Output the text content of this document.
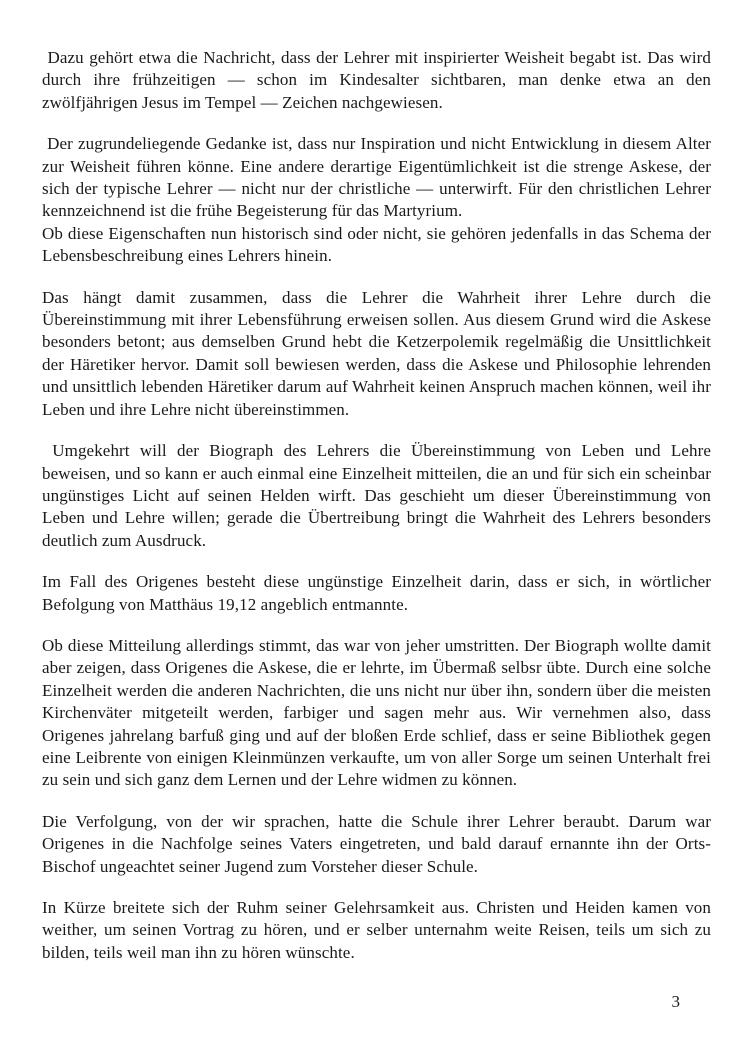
Dazu gehört etwa die Nachricht, dass der Lehrer mit inspirierter Weisheit begabt ist. Das wird durch ihre frühzeitigen — schon im Kindesalter sichtbaren, man denke etwa an den zwölfjährigen Jesus im Tempel — Zeichen nachgewiesen.

Der zugrundeliegende Gedanke ist, dass nur Inspiration und nicht Entwicklung in diesem Alter zur Weisheit führen könne. Eine andere derartige Eigentümlichkeit ist die strenge Askese, der sich der typische Lehrer — nicht nur der christliche — unterwirft. Für den christlichen Lehrer kennzeichnend ist die frühe Begeisterung für das Martyrium.

Ob diese Eigenschaften nun historisch sind oder nicht, sie gehören jedenfalls in das Schema der Lebensbeschreibung eines Lehrers hinein.

Das hängt damit zusammen, dass die Lehrer die Wahrheit ihrer Lehre durch die Übereinstimmung mit ihrer Lebensführung erweisen sollen. Aus diesem Grund wird die Askese besonders betont; aus demselben Grund hebt die Ketzerpolemik regelmäßig die Unsittlichkeit der Häretiker hervor. Damit soll bewiesen werden, dass die Askese und Philosophie lehrenden und unsittlich lebenden Häretiker darum auf Wahrheit keinen Anspruch machen können, weil ihr Leben und ihre Lehre nicht übereinstimmen.

Umgekehrt will der Biograph des Lehrers die Übereinstimmung von Leben und Lehre beweisen, und so kann er auch einmal eine Einzelheit mitteilen, die an und für sich ein scheinbar ungünstiges Licht auf seinen Helden wirft. Das geschieht um dieser Übereinstimmung von Leben und Lehre willen; gerade die Übertreibung bringt die Wahrheit des Lehrers besonders deutlich zum Ausdruck.

Im Fall des Origenes besteht diese ungünstige Einzelheit darin, dass er sich, in wörtlicher Befolgung von Matthäus 19,12 angeblich entmannte.

Ob diese Mitteilung allerdings stimmt, das war von jeher umstritten. Der Biograph wollte damit aber zeigen, dass Origenes die Askese, die er lehrte, im Übermaß selbsr übte. Durch eine solche Einzelheit werden die anderen Nachrichten, die uns nicht nur über ihn, sondern über die meisten Kirchenväter mitgeteilt werden, farbiger und sagen mehr aus. Wir vernehmen also, dass Origenes jahrelang barfuß ging und auf der bloßen Erde schlief, dass er seine Bibliothek gegen eine Leibrente von einigen Kleinmünzen verkaufte, um von aller Sorge um seinen Unterhalt frei zu sein und sich ganz dem Lernen und der Lehre widmen zu können.

Die Verfolgung, von der wir sprachen, hatte die Schule ihrer Lehrer beraubt. Darum war Origenes in die Nachfolge seines Vaters eingetreten, und bald darauf ernannte ihn der Orts-Bischof ungeachtet seiner Jugend zum Vorsteher dieser Schule.

In Kürze breitete sich der Ruhm seiner Gelehrsamkeit aus. Christen und Heiden kamen von weither, um seinen Vortrag zu hören, und er selber unternahm weite Reisen, teils um sich zu bilden, teils weil man ihn zu hören wünschte.

3
